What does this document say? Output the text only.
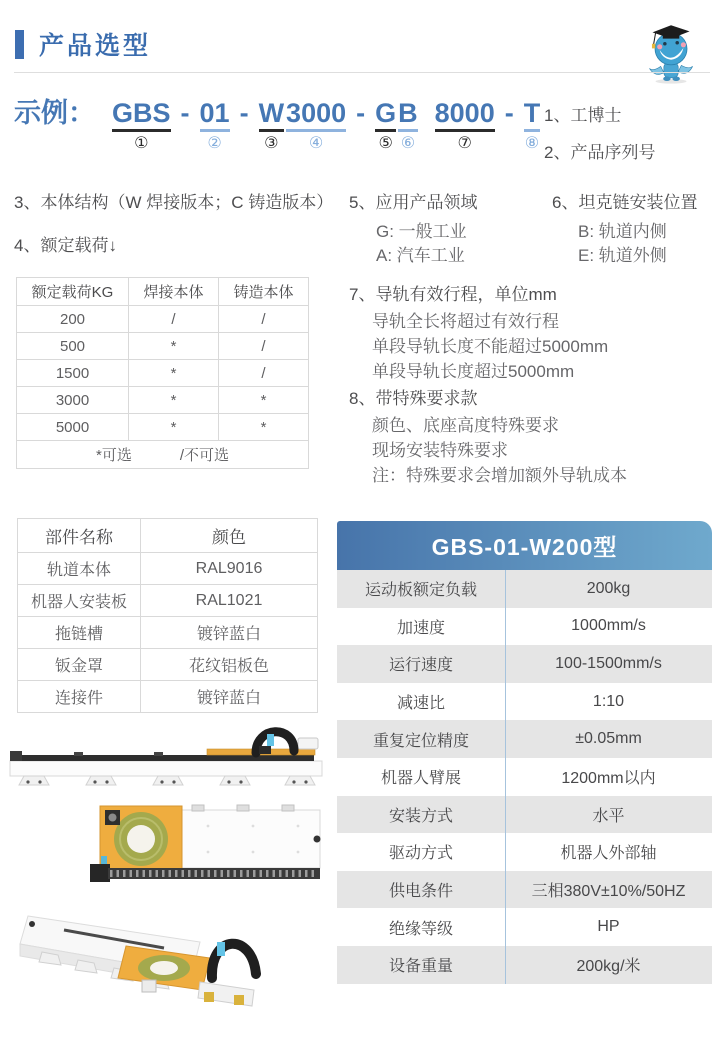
产品选型
示例： GBS
①
- 01
②
- W
③
3000
④
- G
⑤
B
⑥
8000
⑦
- T
⑧
1、工博士
2、产品序列号
3、本体结构（W 焊接版本；C 铸造版本）
4、额定载荷↓
5、应用产品领域
G: 一般工业
A: 汽车工业
6、坦克链安装位置
B: 轨道内侧
E: 轨道外侧
7、导轨有效行程，单位mm
导轨全长将超过有效行程
单段导轨长度不能超过5000mm
单段导轨长度超过5000mm
8、带特殊要求款
颜色、底座高度特殊要求
现场安装特殊要求
注：特殊要求会增加额外导轨成本
额定载荷KG	焊接本体	铸造本体
200	/	/
500	*	/
1500	*	/
3000	*	*
5000	*	*

*可选 /不可选		
部件名称	颜色
轨道本体	RAL9016
机器人安装板	RAL1021
拖链槽	镀锌蓝白
钣金罩	花纹铝板色
连接件	镀锌蓝白
GBS-01-W200型
运动板额定负载	200kg
加速度	1000mm/s
运行速度	100-1500mm/s
减速比	1:10
重复定位精度	±0.05mm
机器人臂展	1200mm以内
安装方式	水平
驱动方式	机器人外部轴
供电条件	三相380V±10%/50HZ
绝缘等级	HP
设备重量	200kg/米
